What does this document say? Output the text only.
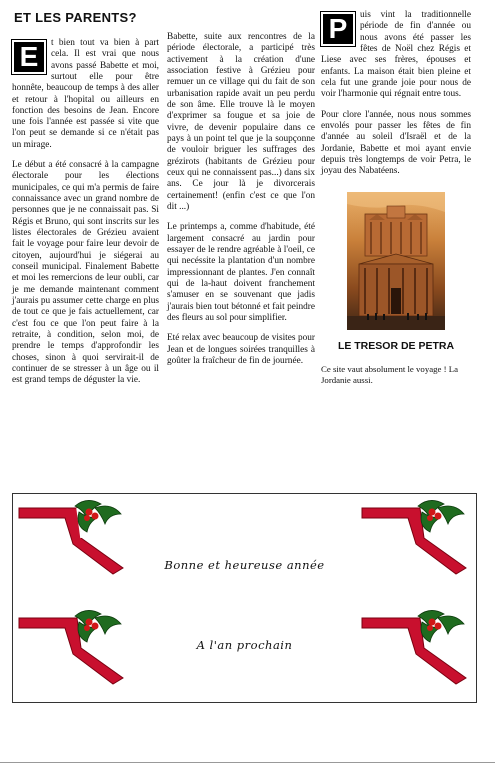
ET LES PARENTS?

E	t bien tout va bien à part cela. Il est vrai que nous avons passé Babette et moi, surtout elle pour être honnête, beaucoup de temps à des aller et retour à l'hopital ou ailleurs en fonction des besoins de Jean. Encore une fois l'année est passée si vite que l'on peut se demande si ce n'était pas un mirage.

Le début a été consacré à la campagne électorale pour les élections municipales, ce qui m'a permis de faire connaissance avec un grand nombre de personnes que je ne connaissait pas. Si Régis et Bruno, qui sont inscrits sur les listes électorales de Grézieu avaient fait le voyage pour faire leur devoir de citoyen, aujourd'hui je siégerai au conseil municipal. Finalement Babette et moi les remercions de leur oubli, car je me demande maintenant comment j'aurais pu assumer cette charge en plus de tout ce que je fais actuellement, car c'est fou ce que l'on peut faire à la retraite, à condition, selon moi, de prendre le temps d'approfondir les choses, sinon à quoi servirait-il de continuer de se stresser à un âge ou il est grand temps de déguster la vie.

Babette, suite aux rencontres de la période électorale, a participé très activement à la création d'une association festive à Grézieu pour remuer un ce village qui du fait de son urbanisation rapide avait un peu perdu de son âme. Elle trouve là le moyen d'exprimer sa fougue et sa joie de vivre, de devenir populaire dans ce pays à un point tel que je la soupçonne de vouloir briguer les suffrages des grézirots (habitants de Grézieu pour ceux qui ne connaissent pas...) dans six ans. Ce jour là je divorcerais certainement! (enfin c'est ce que l'on dit ...)

Le printemps a, comme d'habitude, été largement consacré au jardin pour essayer de le rendre agréable à l'oeil, ce qui necéssite la plantation d'un nombre impressionnant de plantes. J'en connaît qui de la-haut doivent franchement s'amuser en se souvenant que jadis j'aurais bien tout bétonné et fait peindre des fleurs au sol pour simplifier.

Eté relax avec beaucoup de visites pour Jean et de longues soirées tranquilles à goûter la fraîcheur de fin de journée.

P	uis vint la traditionnelle période de fin d'année ou nous avons été passer les fêtes de Noël chez Régis et Liese avec ses frères, épouses et enfants. La maison était bien pleine et cela fut une grande joie pour nous de voir l'harmonie qui régnait entre tous.

Pour clore l'année, nous nous sommes envolés pour passer les fêtes de fin d'année au soleil d'Israël et de la Jordanie, Babette et moi ayant envie depuis très longtemps de voir Petra, le joyau des Nabatéens.

LE TRESOR DE PETRA
Ce site vaut absolument le voyage ! La Jordanie aussi.
Bonne et heureuse année
A l'an prochain
